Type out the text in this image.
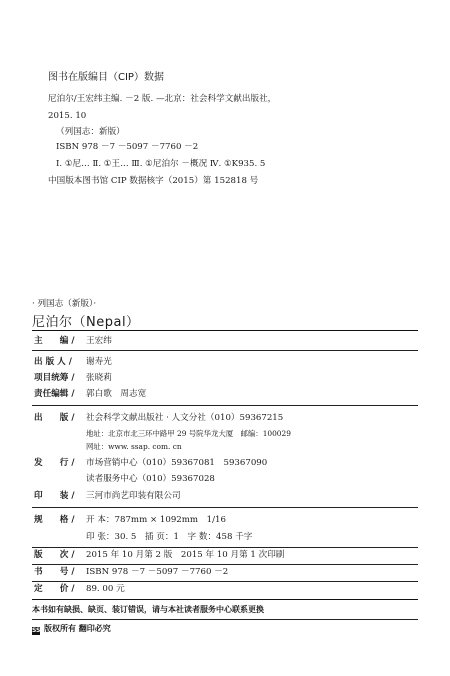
图书在版编目（CIP）数据
尼泊尔/王宏纬主编. －2 版. —北京：社会科学文献出版社，
2015. 10
（列国志：新版）
ISBN 978 －7 －5097 －7760 －2
Ⅰ. ①尼… Ⅱ. ①王… Ⅲ. ①尼泊尔 －概况 Ⅳ. ①K935. 5
中国版本图书馆 CIP 数据核字（2015）第 152818 号
· 列国志（新版）·
尼泊尔（Nepal）
主　　编 / 王宏纬
出 版 人 / 谢寿光
项目统筹 / 张晓莉
责任编辑 / 郭白歌　周志宽
出　　版 / 社会科学文献出版社 · 人文分社（010）59367215
地址：北京市北三环中路甲 29 号院华龙大厦　邮编：100029
网址：www. ssap. com. cn
发　　行 / 市场营销中心（010）59367081　59367090
读者服务中心（010）59367028
印　　装 / 三河市尚艺印装有限公司
规　　格 / 开 本：787mm × 1092mm　1/16
印 张：30. 5　插 页：1　字 数：458 千字
版　　次 / 2015 年 10 月第 2 版　2015 年 10 月第 1 次印刷
书　　号 / ISBN 978 －7 －5097 －7760 －2
定　　价 / 89. 00 元
本书如有缺损、缺页、装订错误，请与本社读者服务中心联系更换
SS 版权所有 翻印必究
